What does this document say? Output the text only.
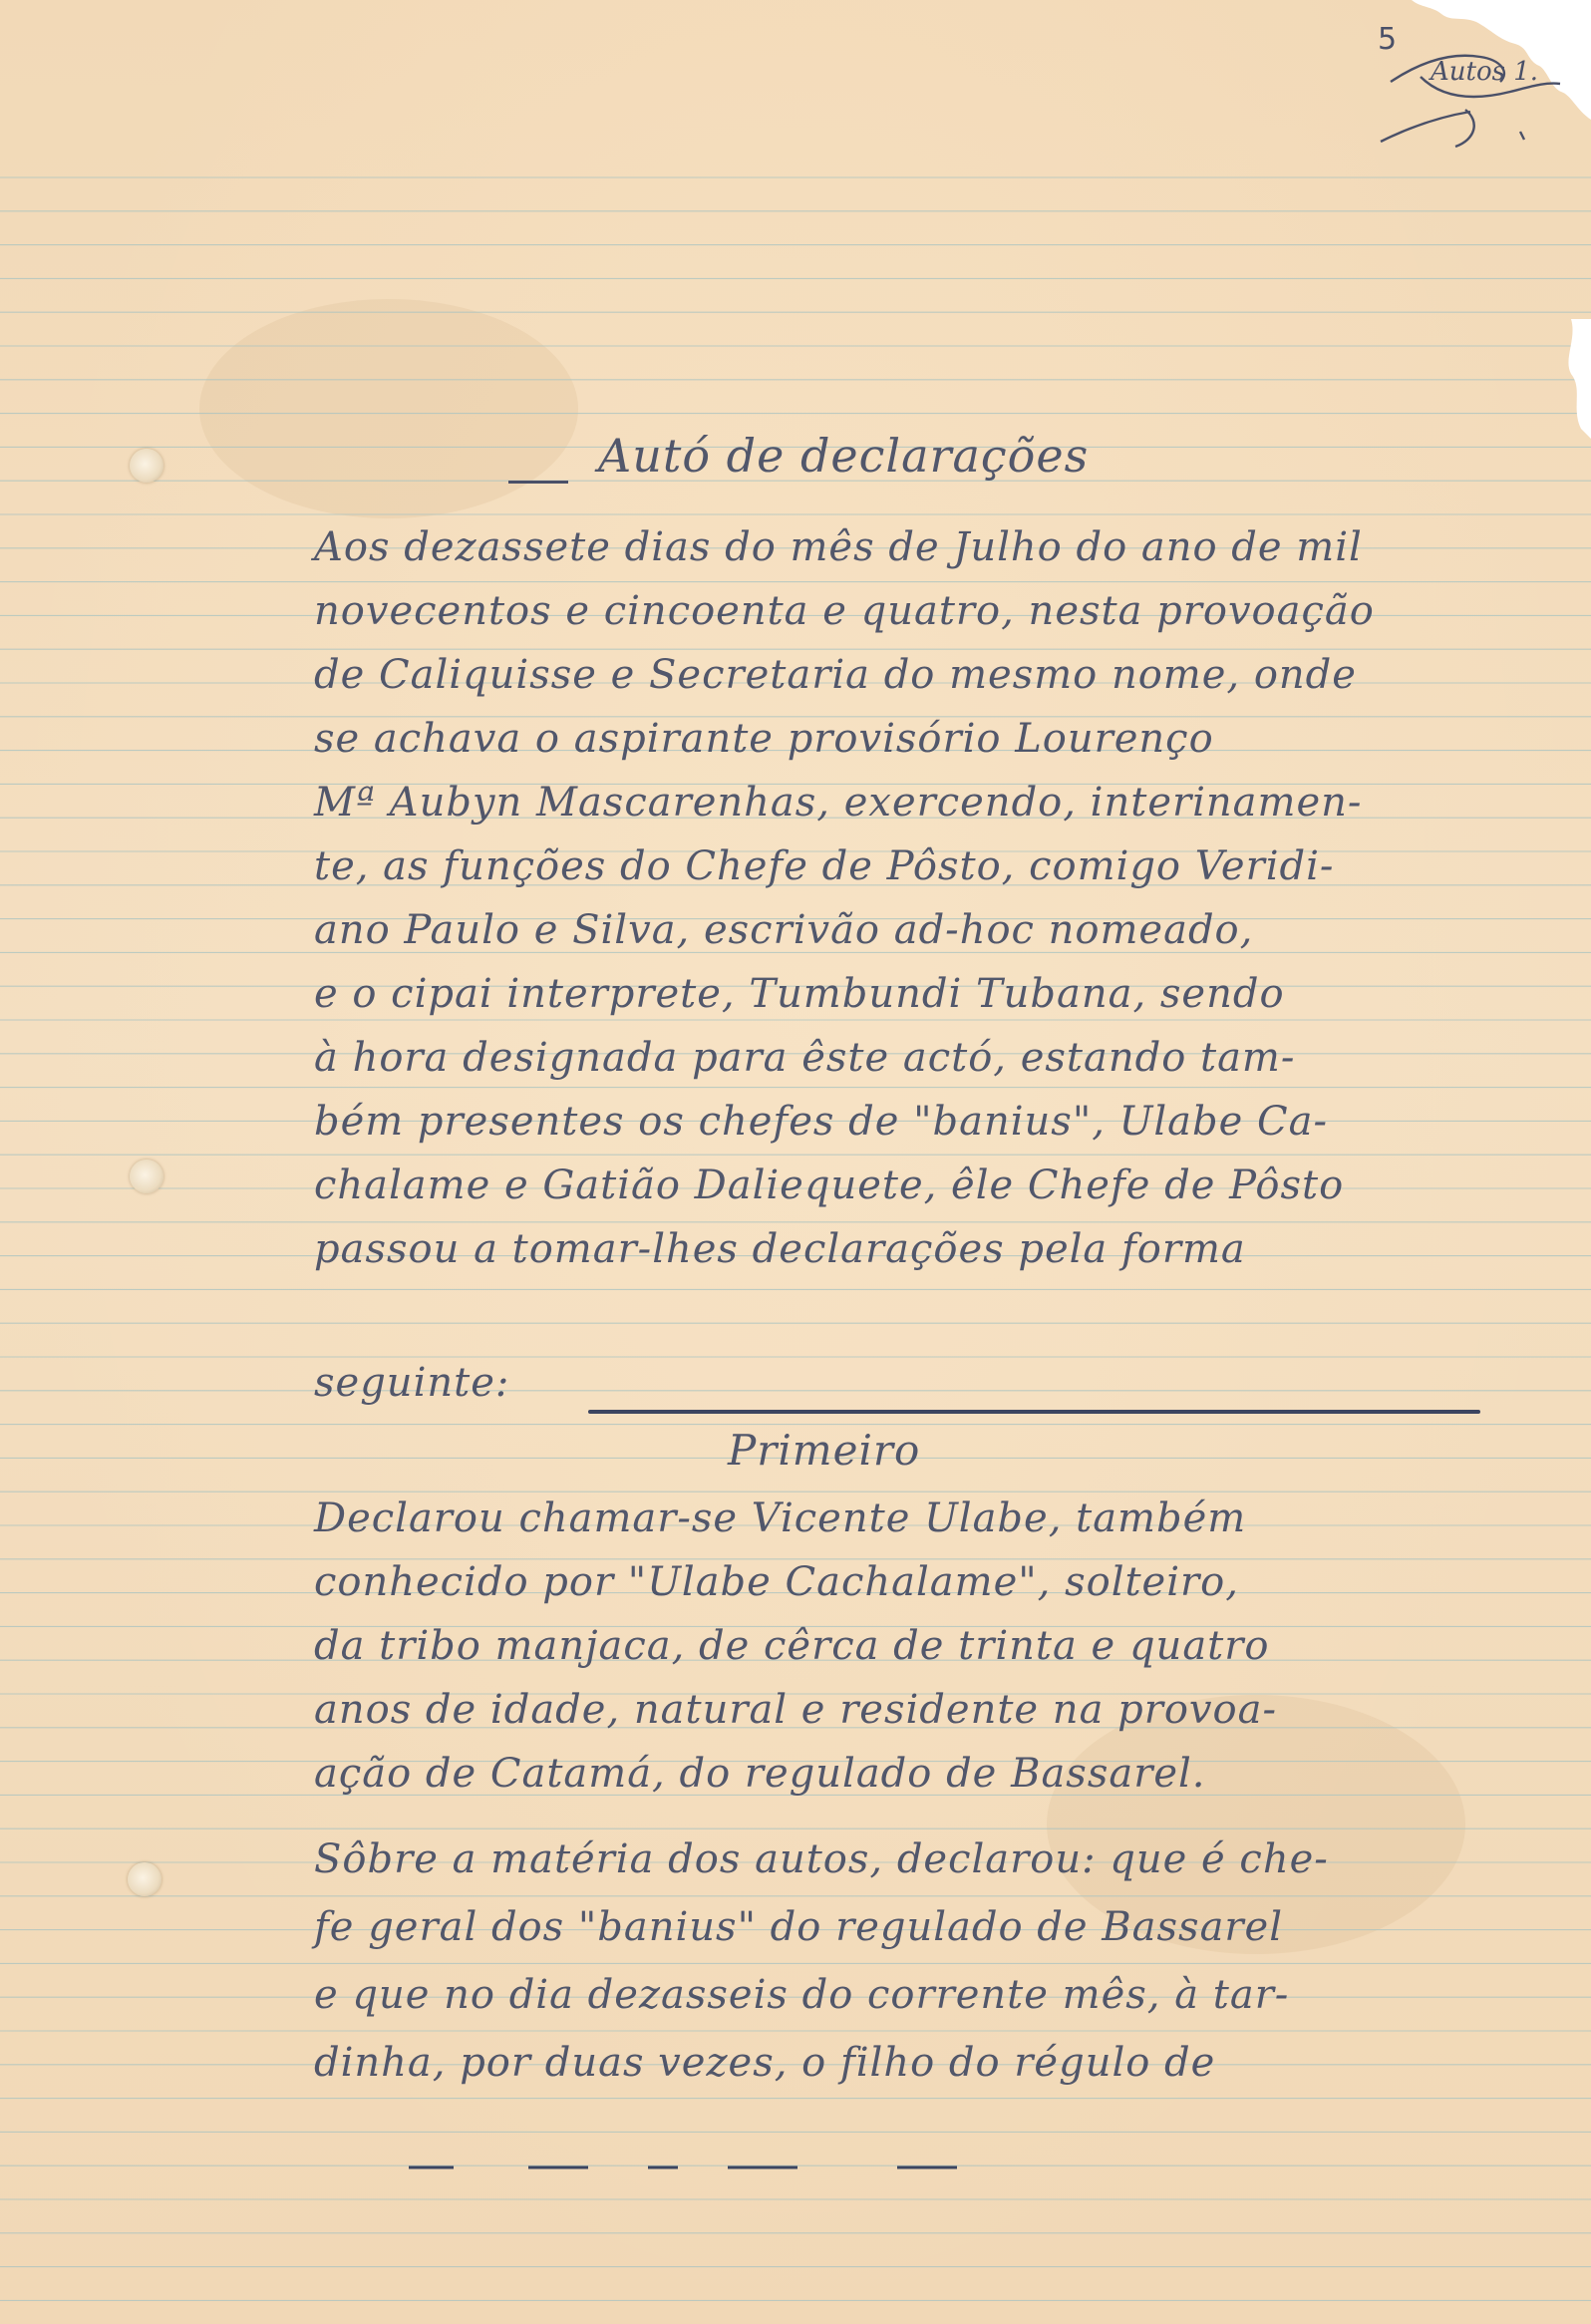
5
Autos 1.
Autó de declarações
Aos dezassete dias do mês de Julho do ano de mil
novecentos e cincoenta e quatro, nesta provoação
de Caliquisse e Secretaria do mesmo nome, onde
se achava o aspirante provisório Lourenço
Mª Aubyn Mascarenhas, exercendo, interinamen-
te, as funções do Chefe de Pôsto, comigo Veridi-
ano Paulo e Silva, escrivão ad-hoc nomeado,
e o cipai interprete, Tumbundi Tubana, sendo
à hora designada para êste actó, estando tam-
bém presentes os chefes de "banius", Ulabe Ca-
chalame e Gatião Daliequete, êle Chefe de Pôsto
passou a tomar-lhes declarações pela forma
seguinte:
Primeiro
Declarou chamar-se Vicente Ulabe, também
conhecido por "Ulabe Cachalame", solteiro,
da tribo manjaca, de cêrca de trinta e quatro
anos de idade, natural e residente na provoa-
ação de Catamá, do regulado de Bassarel.
Sôbre a matéria dos autos, declarou: que é che-
fe geral dos "banius" do regulado de Bassarel
e que no dia dezasseis do corrente mês, à tar-
dinha, por duas vezes, o filho do régulo de
